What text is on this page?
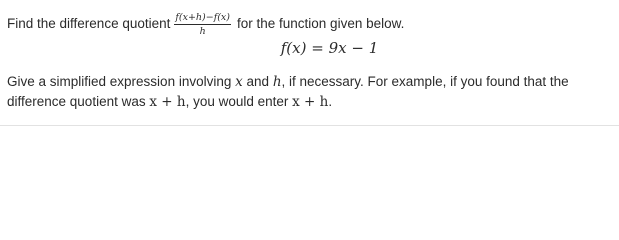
Find the difference quotient $\frac{f(x+h)-f(x)}{h}$ for the function given below.
f(x) = 9x − 1
Give a simplified expression involving x and h, if necessary. For example, if you found that the difference quotient was x + h, you would enter x + h.
